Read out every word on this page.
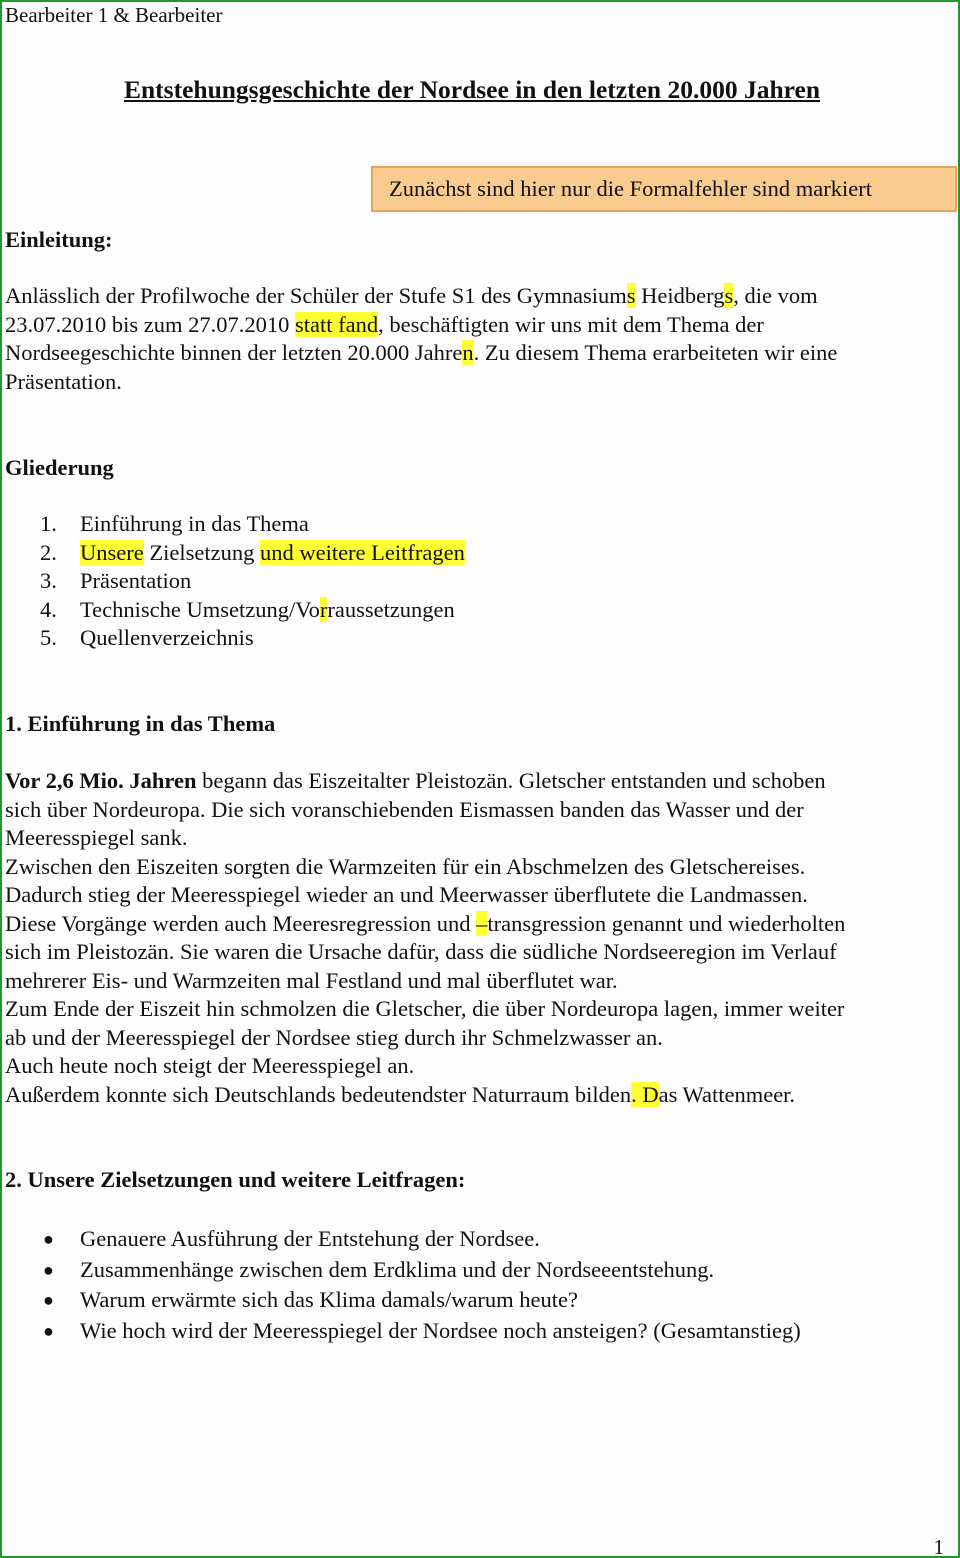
Bearbeiter 1 & Bearbeiter

Entstehungsgeschichte der Nordsee in den letzten 20.000 Jahren
Zunächst sind hier nur die Formalfehler sind markiert

Einleitung:

Anlässlich der Profilwoche der Schüler der Stufe S1 des Gymnasiums Heidbergs, die vom

23.07.2010 bis zum 27.07.2010 statt fand, beschäftigten wir uns mit dem Thema der

Nordseegeschichte binnen der letzten 20.000 Jahren. Zu diesem Thema erarbeiteten wir eine

Präsentation.

Gliederung

1. Einführung in das Thema
2. Unsere Zielsetzung und weitere Leitfragen
3. Präsentation
4. Technische Umsetzung/Vorraussetzungen
5. Quellenverzeichnis

1. Einführung in das Thema

Vor 2,6 Mio. Jahren begann das Eiszeitalter Pleistozän. Gletscher entstanden und schoben

sich über Nordeuropa. Die sich voranschiebenden Eismassen banden das Wasser und der

Meeresspiegel sank.

Zwischen den Eiszeiten sorgten die Warmzeiten für ein Abschmelzen des Gletschereises.

Dadurch stieg der Meeresspiegel wieder an und Meerwasser überflutete die Landmassen.

Diese Vorgänge werden auch Meeresregression und –transgression genannt und wiederholten

sich im Pleistozän. Sie waren die Ursache dafür, dass die südliche Nordseeregion im Verlauf

mehrerer Eis- und Warmzeiten mal Festland und mal überflutet war.

Zum Ende der Eiszeit hin schmolzen die Gletscher, die über Nordeuropa lagen, immer weiter

ab und der Meeresspiegel der Nordsee stieg durch ihr Schmelzwasser an.

Auch heute noch steigt der Meeresspiegel an.

Außerdem konnte sich Deutschlands bedeutendster Naturraum bilden. Das Wattenmeer.

2. Unsere Zielsetzungen und weitere Leitfragen:

● Genauere Ausführung der Entstehung der Nordsee.
● Zusammenhänge zwischen dem Erdklima und der Nordseeentstehung.
● Warum erwärmte sich das Klima damals/warum heute?
● Wie hoch wird der Meeresspiegel der Nordsee noch ansteigen? (Gesamtanstieg)
1
